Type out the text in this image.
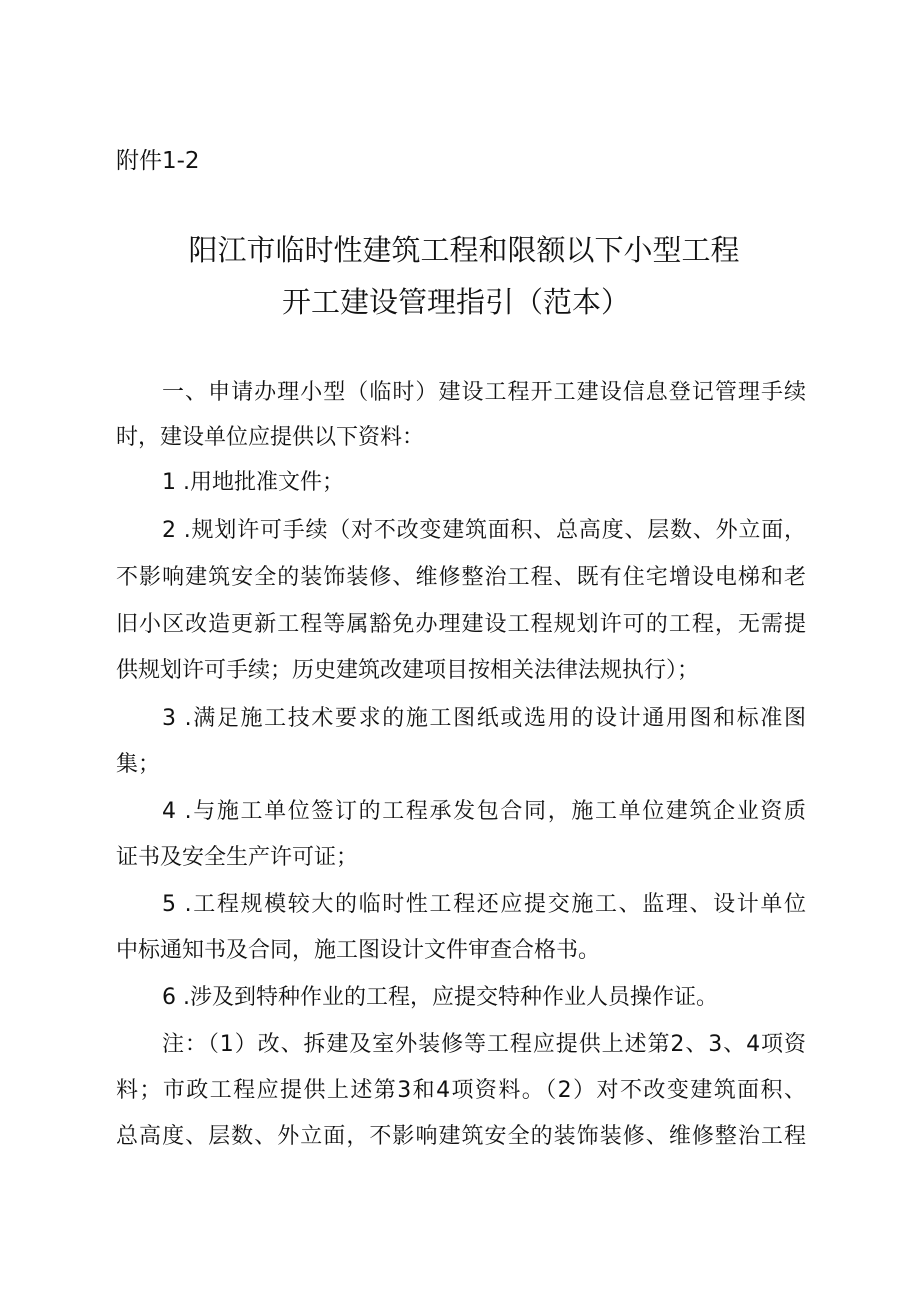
附件1-2
阳江市临时性建筑工程和限额以下小型工程
开工建设管理指引（范本）
一、申请办理小型（临时）建设工程开工建设信息登记管理手续
时，建设单位应提供以下资料：
1 .用地批准文件；
2 .规划许可手续（对不改变建筑面积、总高度、层数、外立面，
不影响建筑安全的装饰装修、维修整治工程、既有住宅增设电梯和老
旧小区改造更新工程等属豁免办理建设工程规划许可的工程，无需提
供规划许可手续；历史建筑改建项目按相关法律法规执行）；
3 .满足施工技术要求的施工图纸或选用的设计通用图和标准图
集；
4 .与施工单位签订的工程承发包合同，施工单位建筑企业资质
证书及安全生产许可证；
5 .工程规模较大的临时性工程还应提交施工、监理、设计单位
中标通知书及合同，施工图设计文件审查合格书。
6 .涉及到特种作业的工程，应提交特种作业人员操作证。
注：（1）改、拆建及室外装修等工程应提供上述第2、3、4项资
料；市政工程应提供上述第3和4项资料。（2）对不改变建筑面积、
总高度、层数、外立面，不影响建筑安全的装饰装修、维修整治工程
